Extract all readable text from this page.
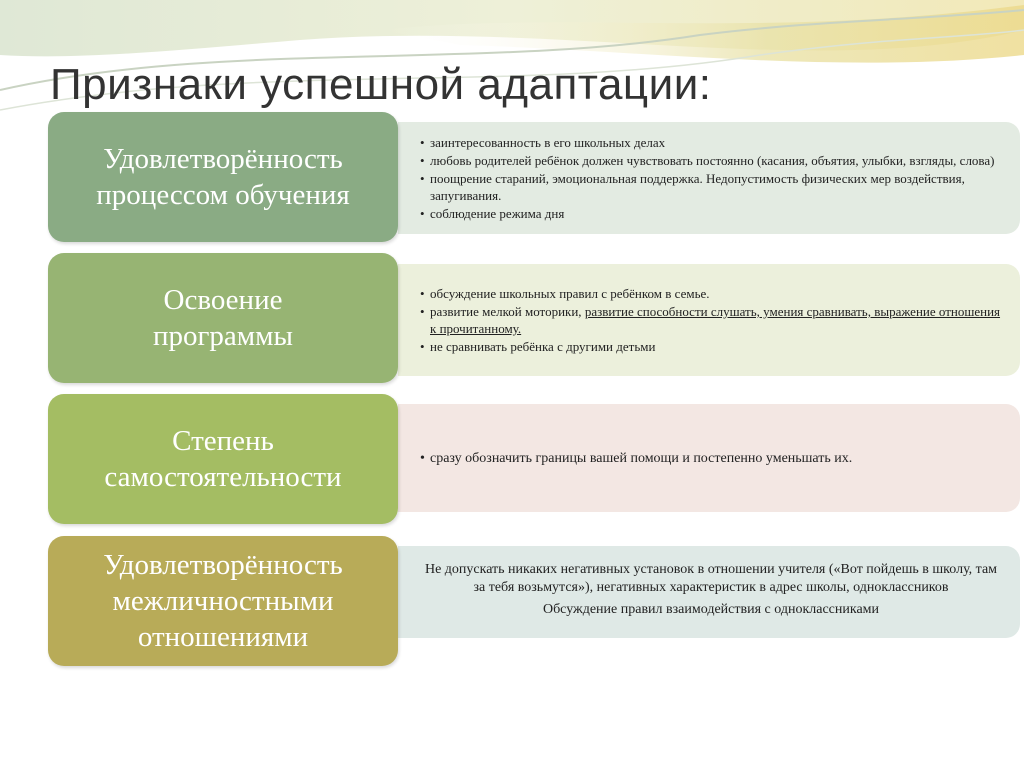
Признаки успешной адаптации:
• заинтересованность в его школьных делах
• любовь родителей ребёнок должен чувствовать постоянно (касания, объятия, улыбки, взгляды, слова)
• поощрение стараний, эмоциональная поддержка. Недопустимость физических мер воздействия, запугивания.
• соблюдение режима дня
Удовлетворённость
процессом обучения
• обсуждение школьных правил с ребёнком в семье.
• развитие мелкой моторики, развитие способности слушать, умения сравнивать, выражение отношения к прочитанному.
• не сравнивать ребёнка с другими детьми
Освоение
программы
• сразу обозначить границы вашей помощи и постепенно уменьшать их.
Степень
самостоятельности

Не допускать никаких негативных установок в отношении учителя («Вот пойдешь в школу, там за тебя возьмутся»), негативных характеристик в адрес школы, одноклассников

Обсуждение правил взаимодействия с одноклассниками

Удовлетворённость
межличностными
отношениями
